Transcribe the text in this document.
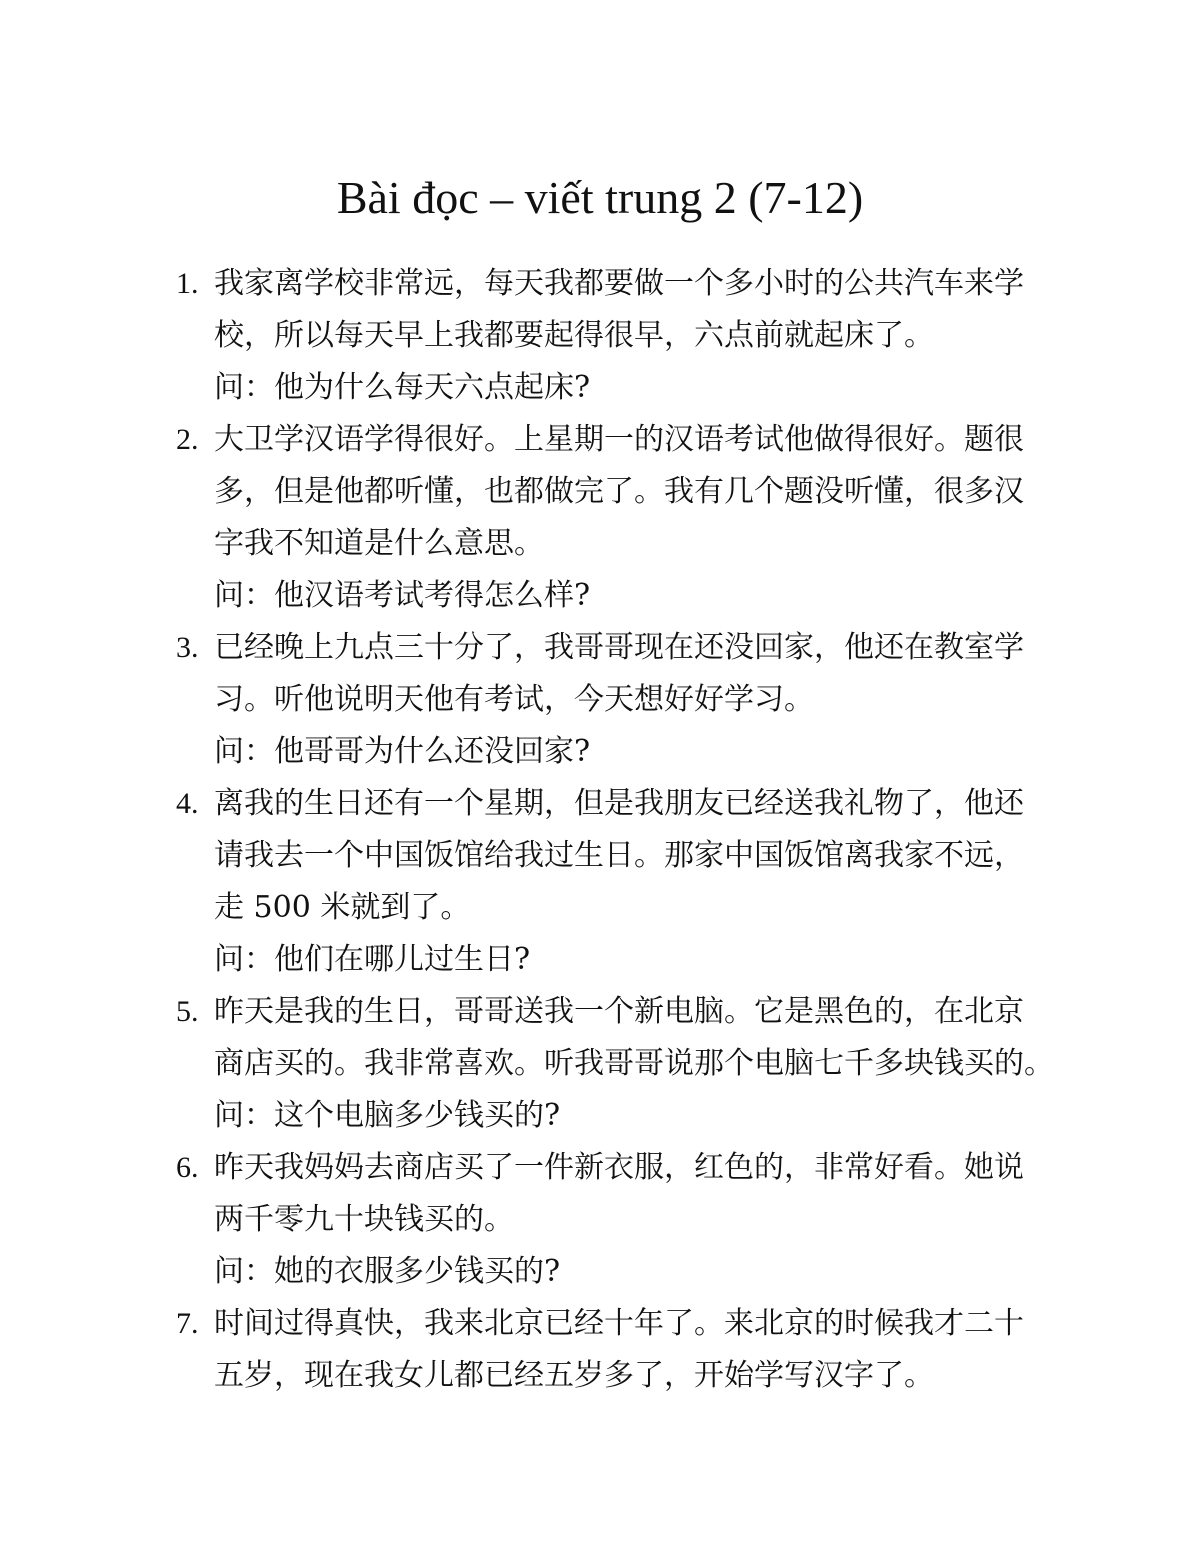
Bài đọc – viết trung 2 (7-12)
1. 我家离学校非常远，每天我都要做一个多小时的公共汽车来学
校，所以每天早上我都要起得很早，六点前就起床了。
问：他为什么每天六点起床?
2. 大卫学汉语学得很好。上星期一的汉语考试他做得很好。题很
多，但是他都听懂，也都做完了。我有几个题没听懂，很多汉
字我不知道是什么意思。
问：他汉语考试考得怎么样?
3. 已经晚上九点三十分了，我哥哥现在还没回家，他还在教室学
习。听他说明天他有考试，今天想好好学习。
问：他哥哥为什么还没回家?
4. 离我的生日还有一个星期，但是我朋友已经送我礼物了，他还
请我去一个中国饭馆给我过生日。那家中国饭馆离我家不远，
走 500 米就到了。
问：他们在哪儿过生日?
5. 昨天是我的生日，哥哥送我一个新电脑。它是黑色的，在北京
商店买的。我非常喜欢。听我哥哥说那个电脑七千多块钱买的。
问：这个电脑多少钱买的?
6. 昨天我妈妈去商店买了一件新衣服，红色的，非常好看。她说
两千零九十块钱买的。
问：她的衣服多少钱买的?
7. 时间过得真快，我来北京已经十年了。来北京的时候我才二十
五岁，现在我女儿都已经五岁多了，开始学写汉字了。
